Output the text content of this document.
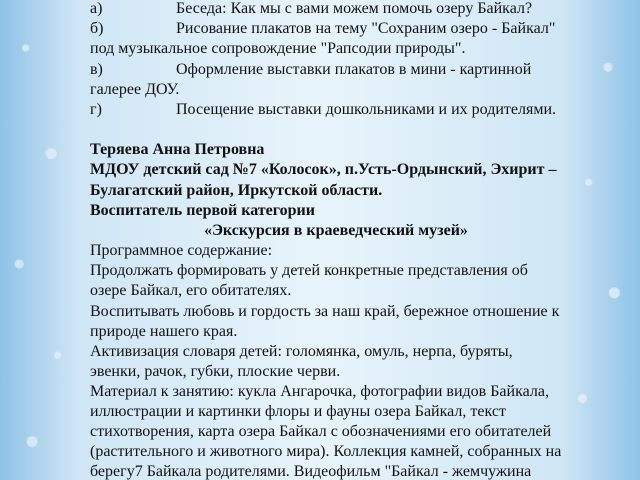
а)	Беседа: Как мы с вами можем помочь озеру Байкал?
б)	Рисование плакатов на тему "Сохраним озеро - Байкал"
под музыкальное сопровождение "Рапсодии природы".
в)	Оформление выставки плакатов в мини - картинной
галерее ДОУ.
г)	Посещение выставки дошкольниками и их родителями.
Теряева Анна Петровна
МДОУ детский сад №7 «Колосок», п.Усть-Ордынский, Эхирит –
Булагатский район, Иркутской области.
Воспитатель первой категории
«Экскурсия в краеведческий музей»
Программное содержание:
Продолжать формировать у детей конкретные представления об
озере Байкал, его обитателях.
Воспитывать любовь и гордость за наш край, бережное отношение к
природе нашего края.
Активизация словаря детей: голомянка, омуль, нерпа, буряты,
эвенки, рачок, губки, плоские черви.
Материал к занятию: кукла Ангарочка, фотографии видов Байкала,
иллюстрации и картинки флоры и фауны озера Байкал, текст
стихотворения, карта озера Байкал с обозначениями его обитателей
(растительного и животного мира). Коллекция камней, собранных на
берегу7 Байкала родителями. Видеофильм "Байкал - жемчужина
